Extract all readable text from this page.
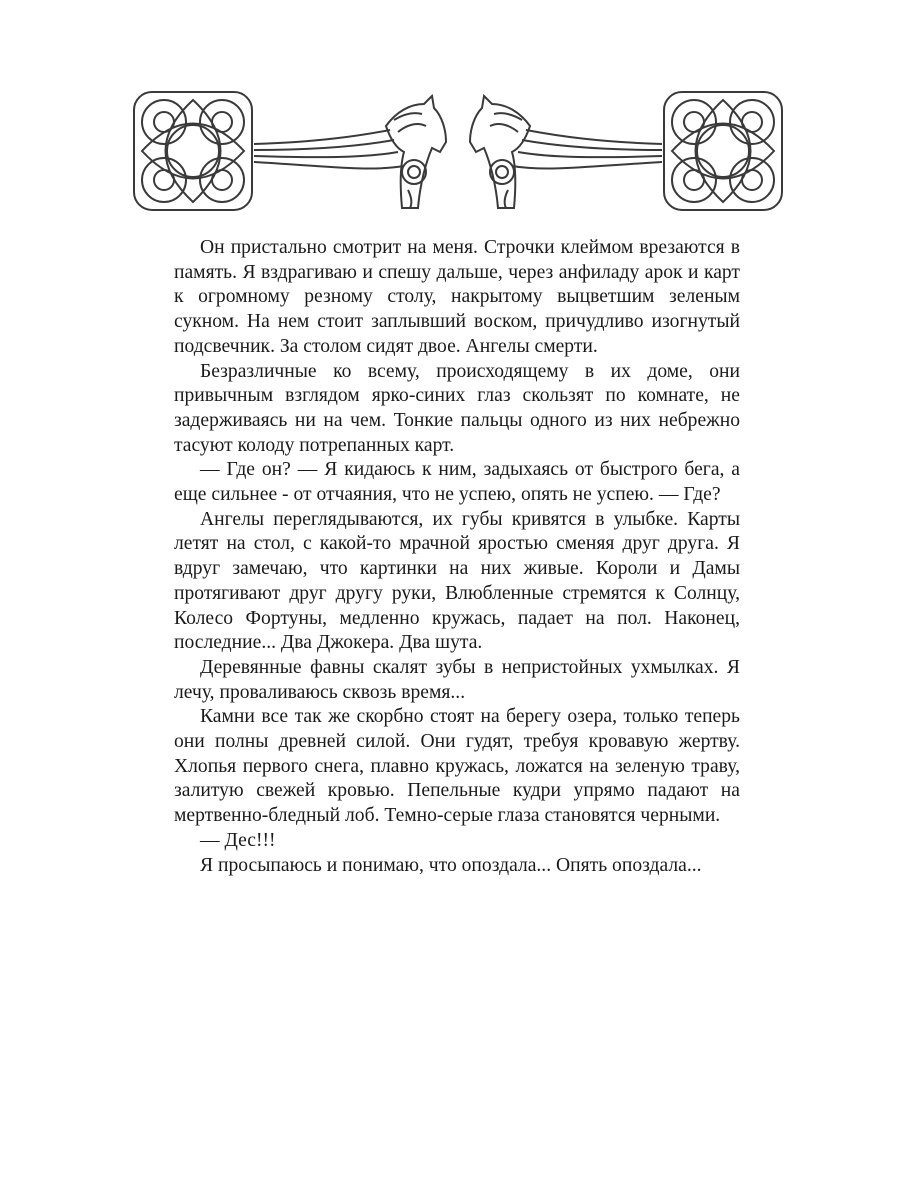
Он пристально смотрит на меня. Строчки клеймом врезаются в память. Я вздрагиваю и спешу дальше, через анфиладу арок и карт к огромному резному столу, накрытому выцветшим зеленым сукном. На нем стоит заплывший воском, причудливо изогнутый подсвечник. За столом сидят двое. Ангелы смерти.

Безразличные ко всему, происходящему в их доме, они привычным взглядом ярко-синих глаз скользят по комнате, не задерживаясь ни на чем. Тонкие пальцы одного из них небрежно тасуют колоду потрепанных карт.

— Где он? — Я кидаюсь к ним, задыхаясь от быстрого бега, а еще сильнее - от отчаяния, что не успею, опять не успею. — Где?

Ангелы переглядываются, их губы кривятся в улыбке. Карты летят на стол, с какой-то мрачной яростью сменяя друг друга. Я вдруг замечаю, что картинки на них живые. Короли и Дамы протягивают друг другу руки, Влюбленные стремятся к Солнцу, Колесо Фортуны, медленно кружась, падает на пол. Наконец, последние... Два Джокера. Два шута.

Деревянные фавны скалят зубы в непристойных ухмылках. Я лечу, проваливаюсь сквозь время...

Камни все так же скорбно стоят на берегу озера, только теперь они полны древней силой. Они гудят, требуя кровавую жертву. Хлопья первого снега, плавно кружась, ложатся на зеленую траву, залитую свежей кровью. Пепельные кудри упрямо падают на мертвенно-бледный лоб. Темно-серые глаза становятся черными.

— Дес!!!

Я просыпаюсь и понимаю, что опоздала... Опять опоздала...
